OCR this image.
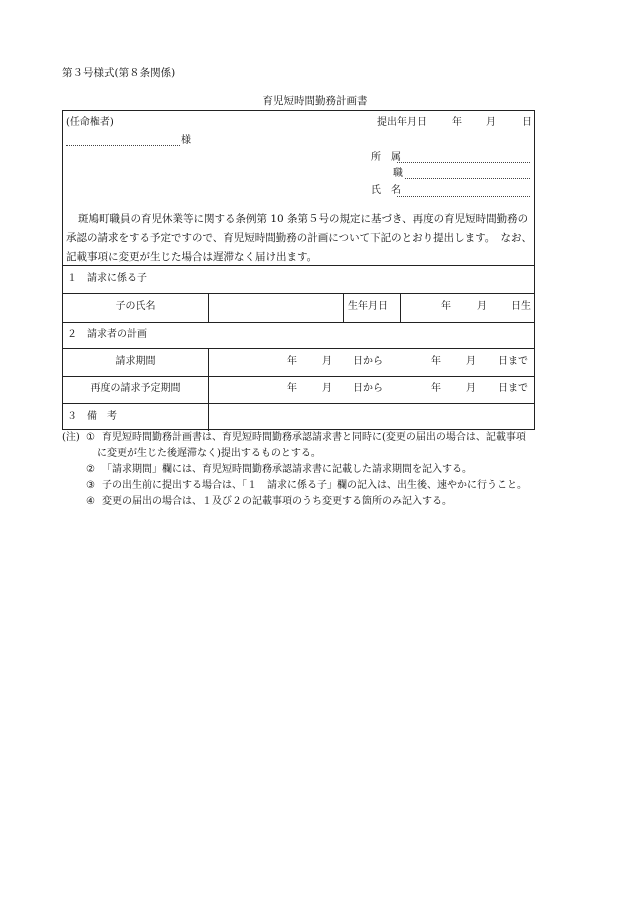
第３号様式(第８条関係)
育児短時間勤務計画書
(任命権者)
様
提出年月日	年 月	日
所　属
職
氏　名
斑鳩町職員の育児休業等に関する条例第 10 条第５号の規定に基づき、再度の育児短時間勤務の承認の請求をする予定ですので、育児短時間勤務の計画について下記のとおり提出します。　なお、記載事項に変更が生じた場合は遅滞なく届け出ます。
１　請求に係る子
子の氏名	生年月日	年	月 日生
２　請求者の計画
請求期間	年	月 日から	年	月 日まで
再度の請求予定期間	年	月 日から	年	月 日まで
３　備　考
(注) ① 育児短時間勤務計画書は、育児短時間勤務承認請求書と同時に(変更の届出の場合は、記載事項
に変更が生じた後遅滞なく)提出するものとする。
② 「請求期間」欄には、育児短時間勤務承認請求書に記載した請求期間を記入する。
③ 子の出生前に提出する場合は、「１　請求に係る子」欄の記入は、出生後、速やかに行うこと。
④ 変更の届出の場合は、１及び２の記載事項のうち変更する箇所のみ記入する。
